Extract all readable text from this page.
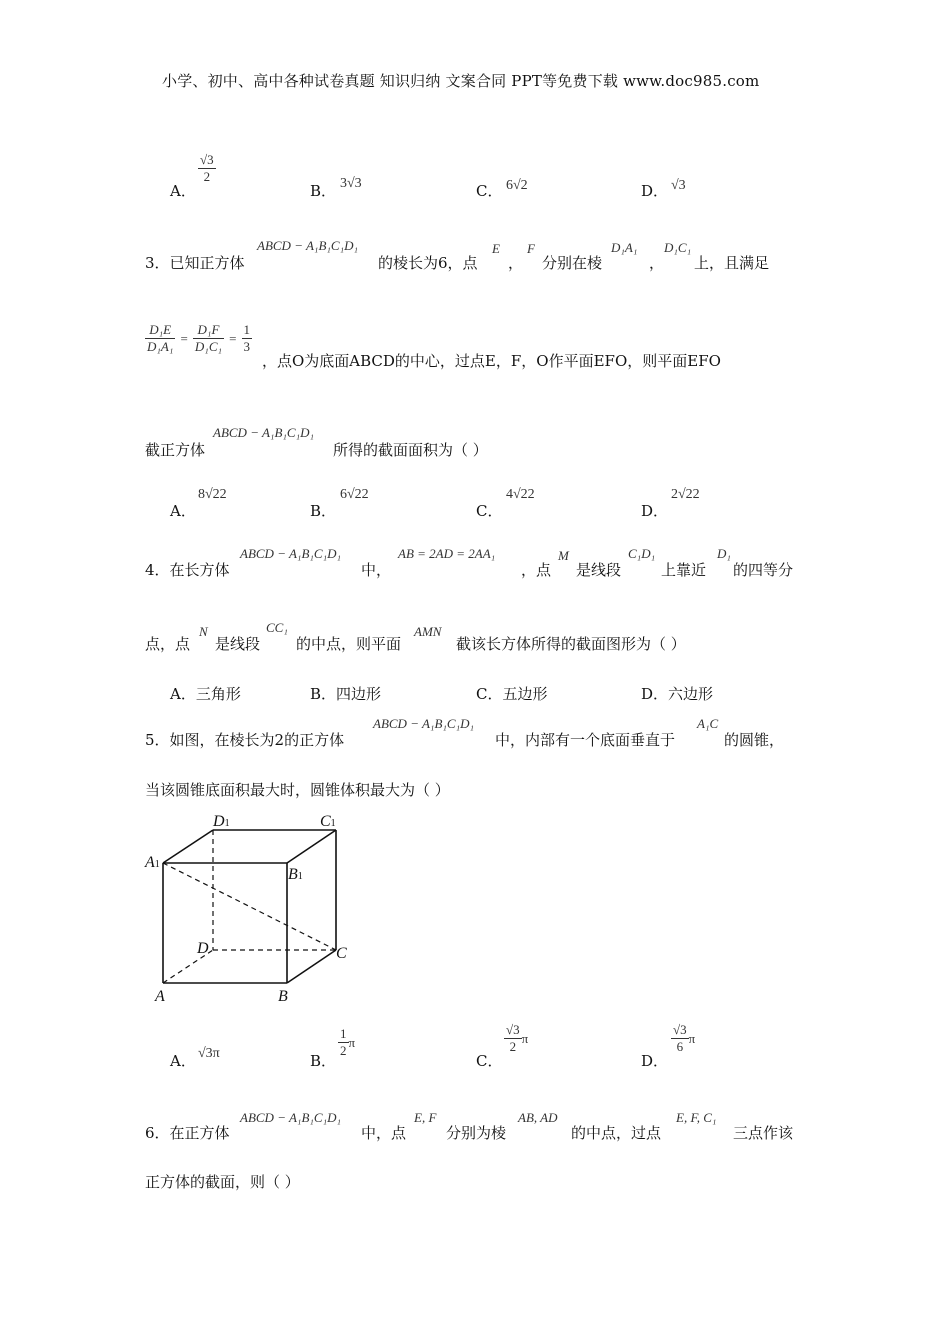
小学、初中、高中各种试卷真题 知识归纳 文案合同 PPT等免费下载 www.doc985.com
A．
$\frac{√3}{2}$
B． 3√3	C． 6√2	D． √3
3．已知正方体
ABCD − A₁B₁C₁D₁
的棱长为6，点
E
，
F
分别在棱
D₁A₁
，
D₁C₁
上，且满足
$\frac{\text{D₁E}}{\text{D₁A₁}} = \frac{\text{D₁F}}{\text{D₁C₁}} = \frac{1}{3}$
，点O为底面ABCD的中心，过点E，F，O作平面EFO，则平面EFO
截正方体
ABCD − A₁B₁C₁D₁
所得的截面面积为（ ）
A．
8√22
B．
6√22
C．
4√22
D．
2√22
4．在长方体
ABCD − A₁B₁C₁D₁
中，
AB = 2AD = 2AA₁
，点
M
是线段
C₁D₁
上靠近
D₁
的四等分
点，点
N
是线段
CC₁
的中点，则平面
AMN
截该长方体所得的截面图形为（ ）
A．三角形	B．四边形	C．五边形	D．六边形
5．如图，在棱长为2的正方体
ABCD − A₁B₁C₁D₁
中，内部有一个底面垂直于
A₁C
的圆锥，
当该圆锥底面积最大时，圆锥体积最大为（ ）
D1	C1
A1
B1
D	C
A	B
A． √3π	B．
$\frac{1}{2}$ π
C．
$\frac{√3}{2}$ π
D．
$\frac{√3}{6}$ π
6．在正方体
ABCD − A₁B₁C₁D₁
中，点
E, F
分别为棱
AB, AD
的中点，过点
E, F, C₁
三点作该
正方体的截面，则（ ）
